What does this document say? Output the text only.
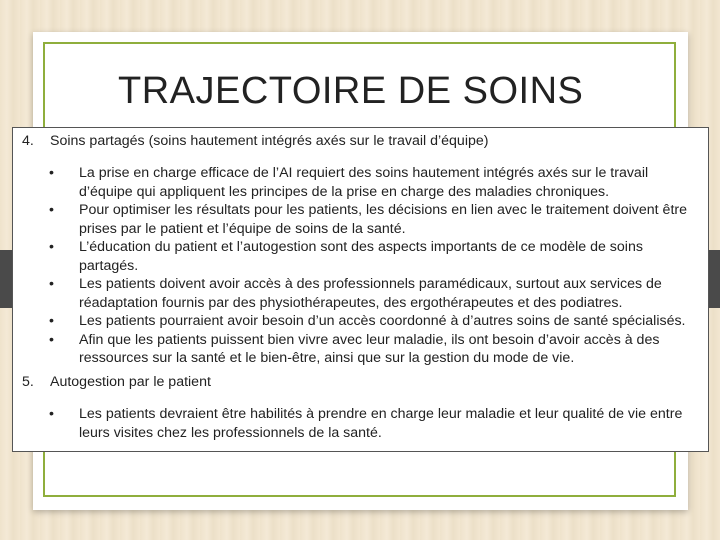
TRAJECTOIRE DE SOINS
4. Soins partagés (soins hautement intégrés axés sur le travail d’équipe)
• La prise en charge efficace de l’AI requiert des soins hautement intégrés axés sur le travail d’équipe qui appliquent les principes de la prise en charge des maladies chroniques.
• Pour optimiser les résultats pour les patients, les décisions en lien avec le traitement doivent être prises par le patient et l’équipe de soins de la santé.
• L’éducation du patient et l’autogestion sont des aspects importants de ce modèle de soins partagés.
• Les patients doivent avoir accès à des professionnels paramédicaux, surtout aux services de réadaptation fournis par des physiothérapeutes, des ergothérapeutes et des podiatres.
• Les patients pourraient avoir besoin d’un accès coordonné à d’autres soins de santé spécialisés.
• Afin que les patients puissent bien vivre avec leur maladie, ils ont besoin d’avoir accès à des ressources sur la santé et le bien-être, ainsi que sur la gestion du mode de vie.
5. Autogestion par le patient
• Les patients devraient être habilités à prendre en charge leur maladie et leur qualité de vie entre leurs visites chez les professionnels de la santé.
